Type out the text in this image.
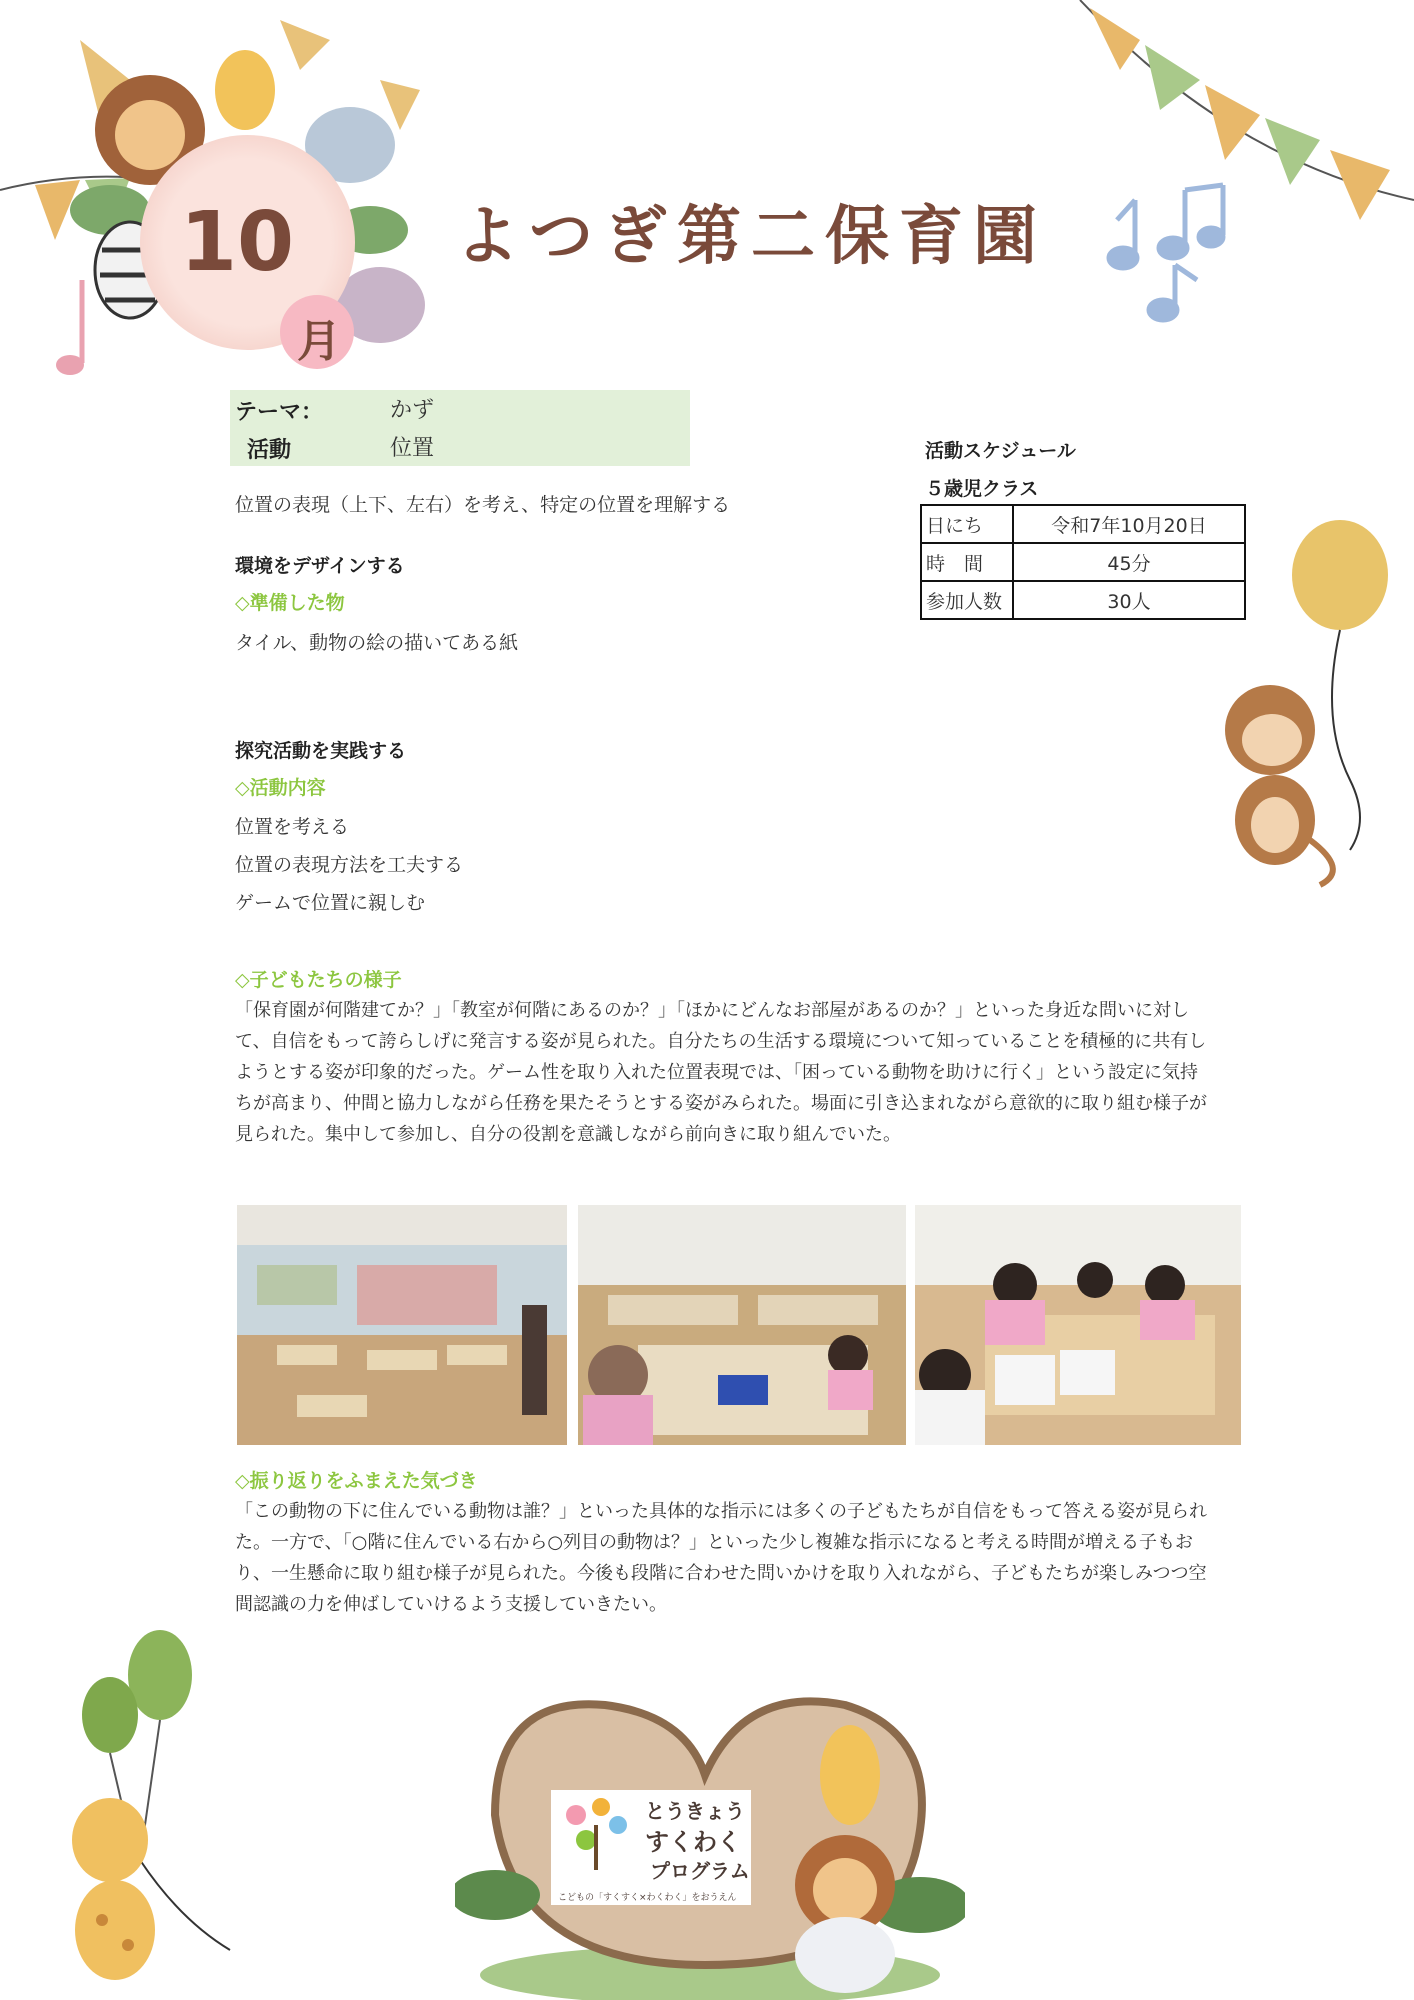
10
月
よつぎ第二保育園
テーマ：	かず
活動	位置
位置の表現（上下、左右）を考え、特定の位置を理解する
環境をデザインする
◇準備した物
タイル、動物の絵の描いてある紙
探究活動を実践する
◇活動内容
位置を考える
位置の表現方法を工夫する
ゲームで位置に親しむ
◇子どもたちの様子
「保育園が何階建てか？」「教室が何階にあるのか？」「ほかにどんなお部屋があるのか？」といった身近な問いに対し
て、自信をもって誇らしげに発言する姿が見られた。自分たちの生活する環境について知っていることを積極的に共有し
ようとする姿が印象的だった。ゲーム性を取り入れた位置表現では、「困っている動物を助けに行く」という設定に気持
ちが高まり、仲間と協力しながら任務を果たそうとする姿がみられた。場面に引き込まれながら意欲的に取り組む様子が
見られた。集中して参加し、自分の役割を意識しながら前向きに取り組んでいた。
◇振り返りをふまえた気づき
「この動物の下に住んでいる動物は誰？」といった具体的な指示には多くの子どもたちが自信をもって答える姿が見られ
た。一方で、「○階に住んでいる右から○列目の動物は？」といった少し複雑な指示になると考える時間が増える子もお
り、一生懸命に取り組む様子が見られた。今後も段階に合わせた問いかけを取り入れながら、子どもたちが楽しみつつ空
間認識の力を伸ばしていけるよう支援していきたい。
活動スケジュール
５歳児クラス
日にち	令和7年10月20日
時　間	45分
参加人数	30人
とうきょう
すくわく
プログラム
こどもの「すくすく×わくわく」をおうえん
